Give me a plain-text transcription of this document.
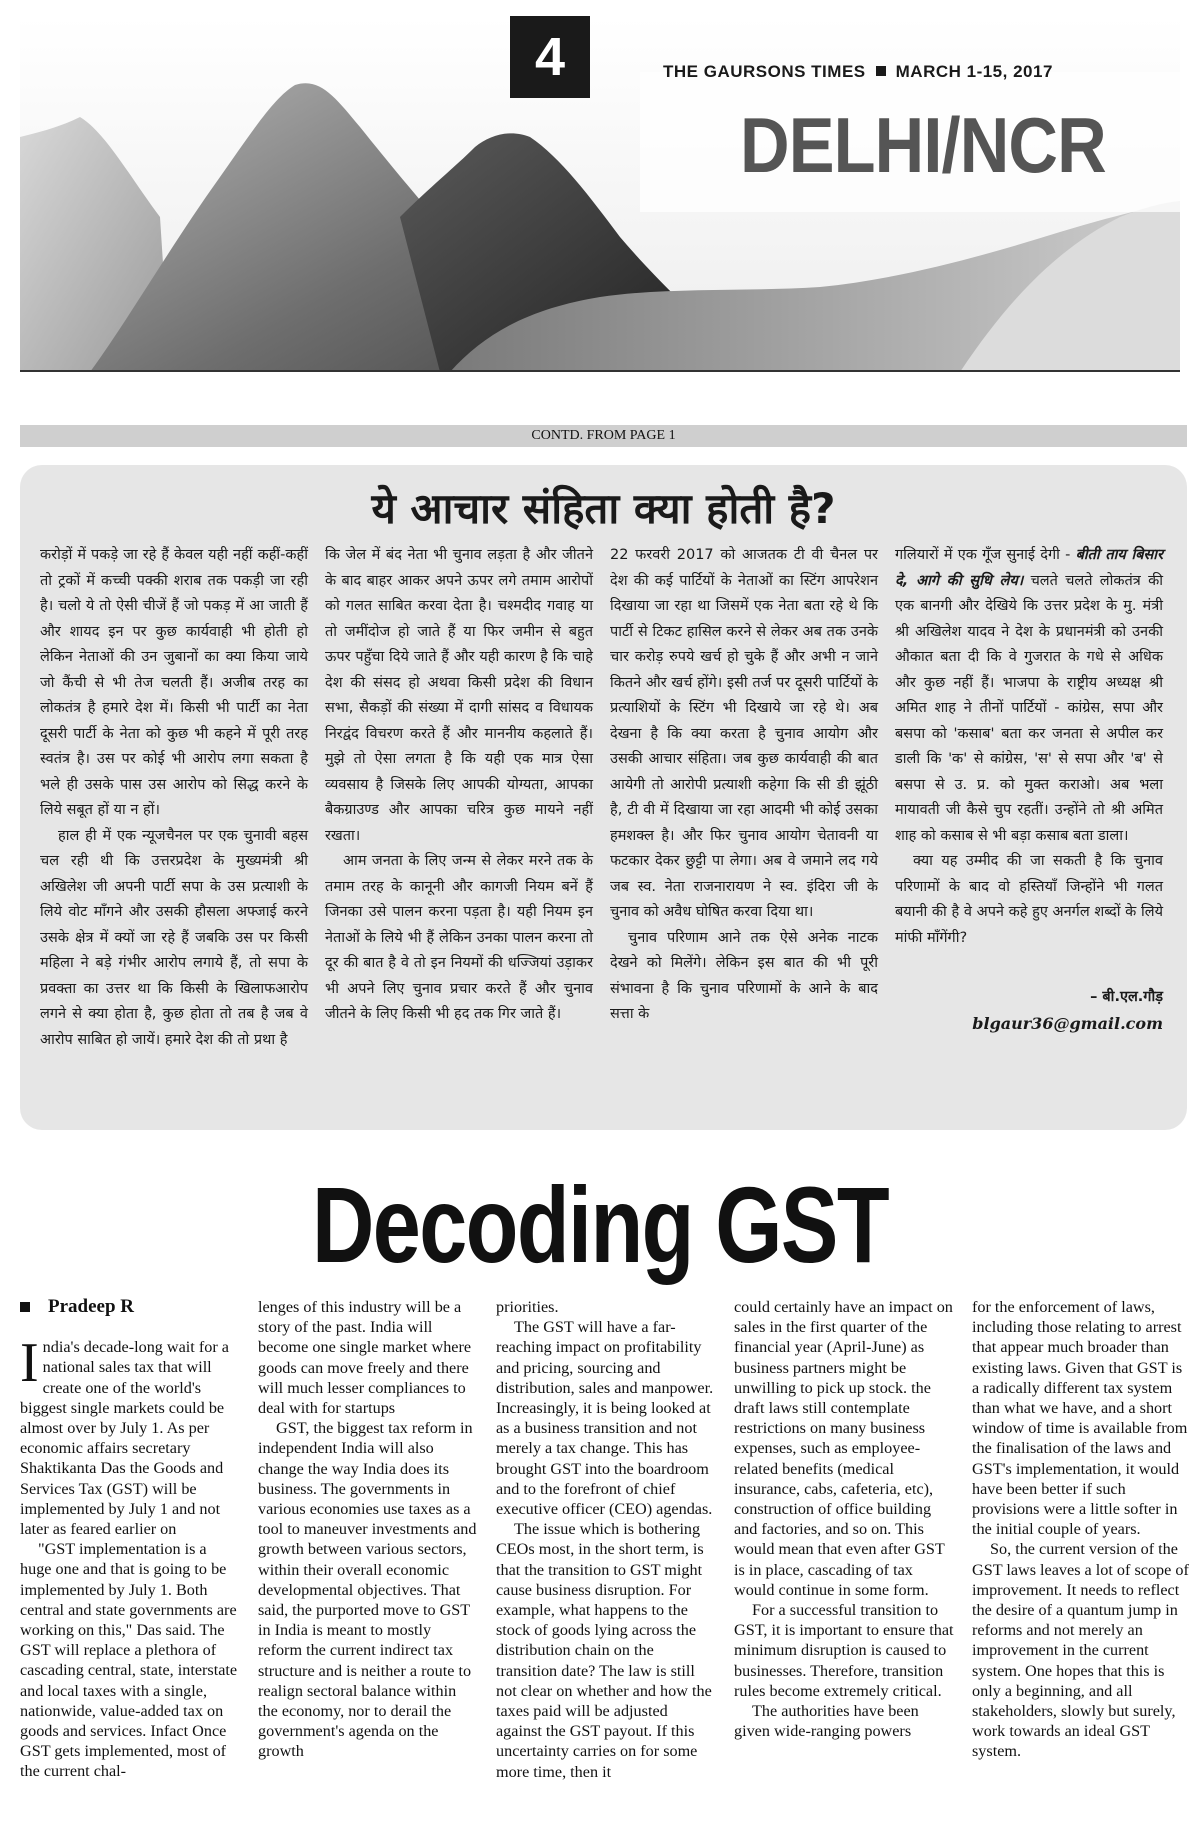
4	THE GAURSONS TIMES MARCH 1-15, 2017
DELHI/NCR
CONTD. FROM PAGE 1
ये आचार संहिता क्या होती है?

करोड़ों में पकड़े जा रहे हैं केवल यही नहीं कहीं-कहीं तो ट्रकों में कच्ची पक्की शराब तक पकड़ी जा रही है। चलो ये तो ऐसी चीजें हैं जो पकड़ में आ जाती हैं और शायद इन पर कुछ कार्यवाही भी होती हो लेकिन नेताओं की उन जुबानों का क्या किया जाये जो कैंची से भी तेज चलती हैं। अजीब तरह का लोकतंत्र है हमारे देश में। किसी भी पार्टी का नेता दूसरी पार्टी के नेता को कुछ भी कहने में पूरी तरह स्वतंत्र है। उस पर कोई भी आरोप लगा सकता है भले ही उसके पास उस आरोप को सिद्ध करने के लिये सबूत हों या न हों।

हाल ही में एक न्यूजचैनल पर एक चुनावी बहस चल रही थी कि उत्तरप्रदेश के मुख्यमंत्री श्री अखिलेश जी अपनी पार्टी सपा के उस प्रत्याशी के लिये वोट माँगने और उसकी हौसला अफ्जाई करने उसके क्षेत्र में क्यों जा रहे हैं जबकि उस पर किसी महिला ने बड़े गंभीर आरोप लगाये हैं, तो सपा के प्रवक्ता का उत्तर था कि किसी के खिलाफआरोप लगने से क्या होता है, कुछ होता तो तब है जब वे आरोप साबित हो जायें। हमारे देश की तो प्रथा है

कि जेल में बंद नेता भी चुनाव लड़ता है और जीतने के बाद बाहर आकर अपने ऊपर लगे तमाम आरोपों को गलत साबित करवा देता है। चश्मदीद गवाह या तो जमींदोज हो जाते हैं या फिर जमीन से बहुत ऊपर पहुँचा दिये जाते हैं और यही कारण है कि चाहे देश की संसद हो अथवा किसी प्रदेश की विधान सभा, सैकड़ों की संख्या में दागी सांसद व विधायक निरद्वंद विचरण करते हैं और माननीय कहलाते हैं। मुझे तो ऐसा लगता है कि यही एक मात्र ऐसा व्यवसाय है जिसके लिए आपकी योग्यता, आपका बैकग्राउण्ड और आपका चरित्र कुछ मायने नहीं रखता।

आम जनता के लिए जन्म से लेकर मरने तक के तमाम तरह के कानूनी और कागजी नियम बनें हैं जिनका उसे पालन करना पड़ता है। यही नियम इन नेताओं के लिये भी हैं लेकिन उनका पालन करना तो दूर की बात है वे तो इन नियमों की धज्जियां उड़ाकर भी अपने लिए चुनाव प्रचार करते हैं और चुनाव जीतने के लिए किसी भी हद तक गिर जाते हैं।

22 फरवरी 2017 को आजतक टी वी चैनल पर देश की कई पार्टियों के नेताओं का स्टिंग आपरेशन दिखाया जा रहा था जिसमें एक नेता बता रहे थे कि पार्टी से टिकट हासिल करने से लेकर अब तक उनके चार करोड़ रुपये खर्च हो चुके हैं और अभी न जाने कितने और खर्च होंगे। इसी तर्ज पर दूसरी पार्टियों के प्रत्याशियों के स्टिंग भी दिखाये जा रहे थे। अब देखना है कि क्या करता है चुनाव आयोग और उसकी आचार संहिता। जब कुछ कार्यवाही की बात आयेगी तो आरोपी प्रत्याशी कहेगा कि सी डी झूंठी है, टी वी में दिखाया जा रहा आदमी भी कोई उसका हमशक्ल है। और फिर चुनाव आयोग चेतावनी या फटकार देकर छुट्टी पा लेगा। अब वे जमाने लद गये जब स्व. नेता राजनारायण ने स्व. इंदिरा जी के चुनाव को अवैध घोषित करवा दिया था।

चुनाव परिणाम आने तक ऐसे अनेक नाटक देखने को मिलेंगे। लेकिन इस बात की भी पूरी संभावना है कि चुनाव परिणामों के आने के बाद सत्ता के

गलियारों में एक गूँज सुनाई देगी - बीती ताय बिसार दे, आगे की सुधि लेय। चलते चलते लोकतंत्र की एक बानगी और देखिये कि उत्तर प्रदेश के मु. मंत्री श्री अखिलेश यादव ने देश के प्रधानमंत्री को उनकी औकात बता दी कि वे गुजरात के गधे से अधिक और कुछ नहीं हैं। भाजपा के राष्ट्रीय अध्यक्ष श्री अमित शाह ने तीनों पार्टियों - कांग्रेस, सपा और बसपा को 'कसाब' बता कर जनता से अपील कर डाली कि 'क' से कांग्रेस, 'स' से सपा और 'ब' से बसपा से उ. प्र. को मुक्त कराओ। अब भला मायावती जी कैसे चुप रहतीं। उन्होंने तो श्री अमित शाह को कसाब से भी बड़ा कसाब बता डाला।

क्या यह उम्मीद की जा सकती है कि चुनाव परिणामों के बाद वो हस्तियाँ जिन्होंने भी गलत बयानी की है वे अपने कहे हुए अनर्गल शब्दों के लिये मांफी माँगेंगी?

– बी.एल.गौड़
blgaur36@gmail.com
Decoding GST
Pradeep R

India's decade-long wait for a national sales tax that will create one of the world's biggest single markets could be almost over by July 1. As per economic affairs secretary Shaktikanta Das the Goods and Services Tax (GST) will be implemented by July 1 and not later as feared earlier on

"GST implementation is a huge one and that is going to be implemented by July 1. Both central and state governments are working on this," Das said. The GST will replace a plethora of cascading central, state, interstate and local taxes with a single, nationwide, value-added tax on goods and services. Infact Once GST gets implemented, most of the current chal-

lenges of this industry will be a story of the past. India will become one single market where goods can move freely and there will much lesser compliances to deal with for startups

GST, the biggest tax reform in independent India will also change the way India does its business. The governments in various economies use taxes as a tool to maneuver investments and growth between various sectors, within their overall economic developmental objectives. That said, the purported move to GST in India is meant to mostly reform the current indirect tax structure and is neither a route to realign sectoral balance within the economy, nor to derail the government's agenda on the growth

priorities.

The GST will have a far-reaching impact on profitability and pricing, sourcing and distribution, sales and manpower. Increasingly, it is being looked at as a business transition and not merely a tax change. This has brought GST into the boardroom and to the forefront of chief executive officer (CEO) agendas.

The issue which is bothering CEOs most, in the short term, is that the transition to GST might cause business disruption. For example, what happens to the stock of goods lying across the distribution chain on the transition date? The law is still not clear on whether and how the taxes paid will be adjusted against the GST payout. If this uncertainty carries on for some more time, then it

could certainly have an impact on sales in the first quarter of the financial year (April-June) as business partners might be unwilling to pick up stock. the draft laws still contemplate restrictions on many business expenses, such as employee-related benefits (medical insurance, cabs, cafeteria, etc), construction of office building and factories, and so on. This would mean that even after GST is in place, cascading of tax would continue in some form.

For a successful transition to GST, it is important to ensure that minimum disruption is caused to businesses. Therefore, transition rules become extremely critical.

The authorities have been given wide-ranging powers

for the enforcement of laws, including those relating to arrest that appear much broader than existing laws. Given that GST is a radically different tax system than what we have, and a short window of time is available from the finalisation of the laws and GST's implementation, it would have been better if such provisions were a little softer in the initial couple of years.

So, the current version of the GST laws leaves a lot of scope of improvement. It needs to reflect the desire of a quantum jump in reforms and not merely an improvement in the current system. One hopes that this is only a beginning, and all stakeholders, slowly but surely, work towards an ideal GST system.
